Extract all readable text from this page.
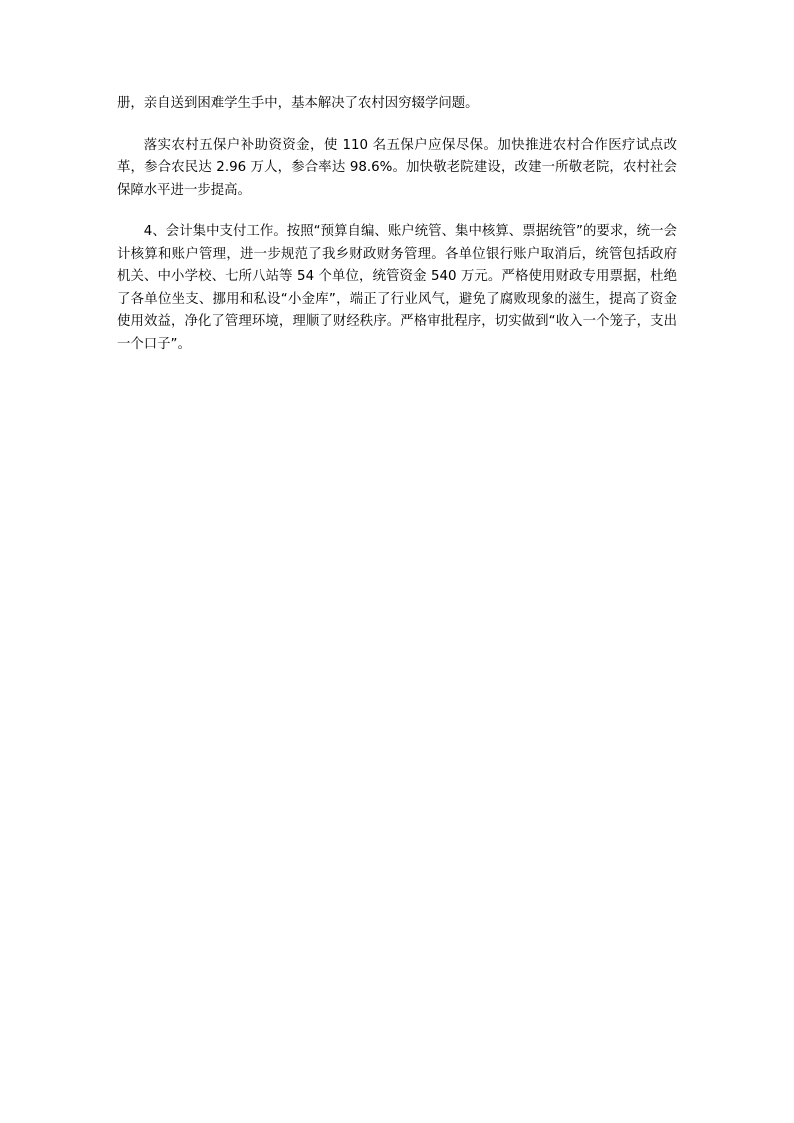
册，亲自送到困难学生手中，基本解决了农村因穷辍学问题。

落实农村五保户补助资资金，使 110 名五保户应保尽保。加快推进农村合作医疗试点改革，参合农民达 2.96 万人，参合率达 98.6%。加快敬老院建设，改建一所敬老院，农村社会保障水平进一步提高。

4、会计集中支付工作。按照“预算自编、账户统管、集中核算、票据统管”的要求，统一会计核算和账户管理，进一步规范了我乡财政财务管理。各单位银行账户取消后，统管包括政府机关、中小学校、七所八站等 54 个单位，统管资金 540 万元。严格使用财政专用票据，杜绝了各单位坐支、挪用和私设“小金库”，端正了行业风气，避免了腐败现象的滋生，提高了资金使用效益，净化了管理环境，理顺了财经秩序。严格审批程序，切实做到“收入一个笼子，支出一个口子”。
